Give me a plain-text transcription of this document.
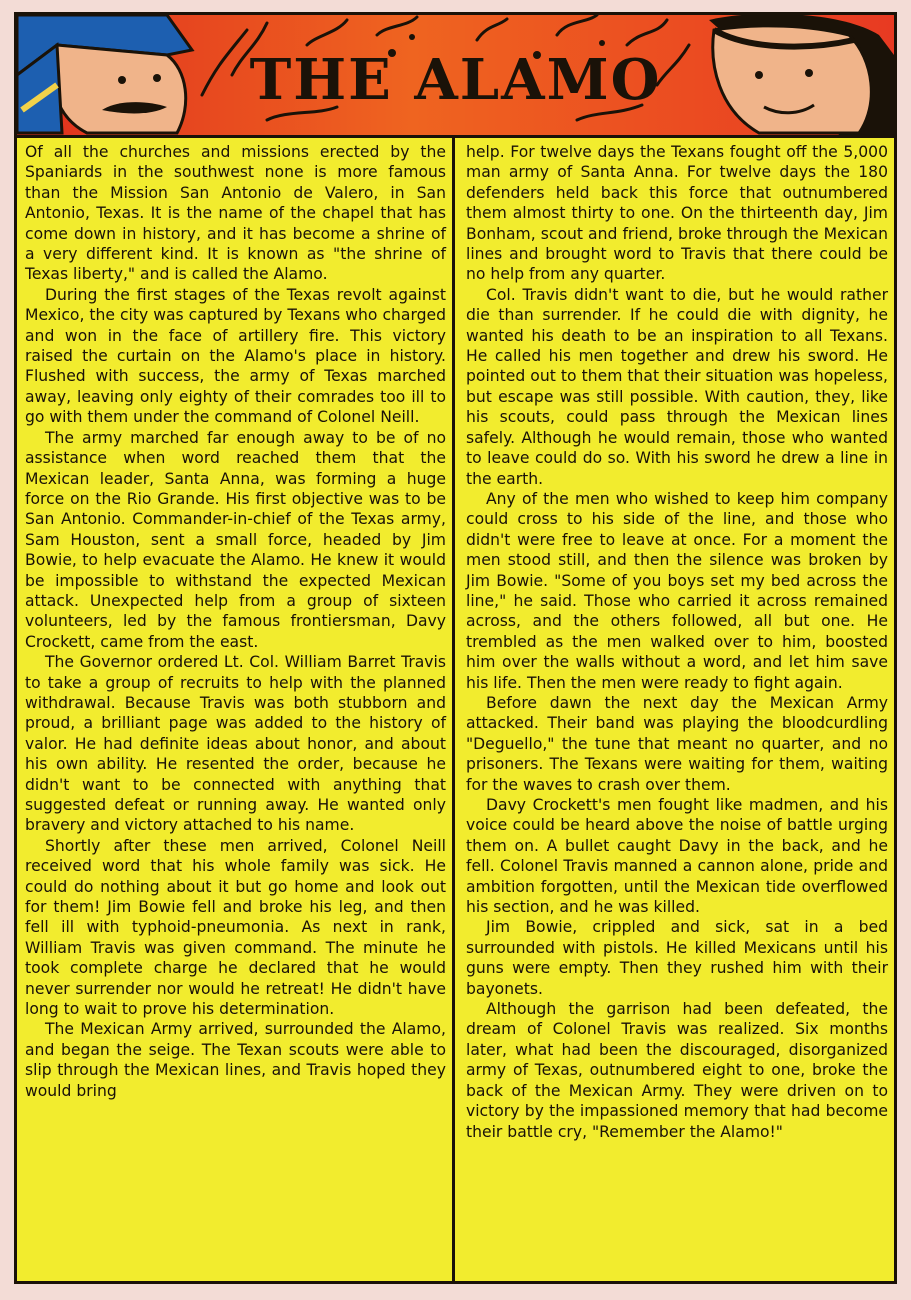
THE ALAMO

Of all the churches and missions erected by the Spaniards in the southwest none is more famous than the Mission San Antonio de Valero, in San Antonio, Texas. It is the name of the chapel that has come down in history, and it has become a shrine of a very different kind. It is known as "the shrine of Texas liberty," and is called the Alamo.

During the first stages of the Texas revolt against Mexico, the city was captured by Texans who charged and won in the face of artillery fire. This victory raised the curtain on the Alamo's place in history. Flushed with success, the army of Texas marched away, leaving only eighty of their comrades too ill to go with them under the command of Colonel Neill.

The army marched far enough away to be of no assistance when word reached them that the Mexican leader, Santa Anna, was forming a huge force on the Rio Grande. His first objective was to be San Antonio. Commander-in-chief of the Texas army, Sam Houston, sent a small force, headed by Jim Bowie, to help evacuate the Alamo. He knew it would be impossible to withstand the expected Mexican attack. Unexpected help from a group of sixteen volunteers, led by the famous frontiersman, Davy Crockett, came from the east.

The Governor ordered Lt. Col. William Barret Travis to take a group of recruits to help with the planned withdrawal. Because Travis was both stubborn and proud, a brilliant page was added to the history of valor. He had definite ideas about honor, and about his own ability. He resented the order, because he didn't want to be connected with anything that suggested defeat or running away. He wanted only bravery and victory attached to his name.

Shortly after these men arrived, Colonel Neill received word that his whole family was sick. He could do nothing about it but go home and look out for them! Jim Bowie fell and broke his leg, and then fell ill with typhoid-pneumonia. As next in rank, William Travis was given command. The minute he took complete charge he declared that he would never surrender nor would he retreat! He didn't have long to wait to prove his determination.

The Mexican Army arrived, surrounded the Alamo, and began the seige. The Texan scouts were able to slip through the Mexican lines, and Travis hoped they would bring

help. For twelve days the Texans fought off the 5,000 man army of Santa Anna. For twelve days the 180 defenders held back this force that outnumbered them almost thirty to one. On the thirteenth day, Jim Bonham, scout and friend, broke through the Mexican lines and brought word to Travis that there could be no help from any quarter.

Col. Travis didn't want to die, but he would rather die than surrender. If he could die with dignity, he wanted his death to be an inspiration to all Texans. He called his men together and drew his sword. He pointed out to them that their situation was hopeless, but escape was still possible. With caution, they, like his scouts, could pass through the Mexican lines safely. Although he would remain, those who wanted to leave could do so. With his sword he drew a line in the earth.

Any of the men who wished to keep him company could cross to his side of the line, and those who didn't were free to leave at once. For a moment the men stood still, and then the silence was broken by Jim Bowie. "Some of you boys set my bed across the line," he said. Those who carried it across remained across, and the others followed, all but one. He trembled as the men walked over to him, boosted him over the walls without a word, and let him save his life. Then the men were ready to fight again.

Before dawn the next day the Mexican Army attacked. Their band was playing the bloodcurdling "Deguello," the tune that meant no quarter, and no prisoners. The Texans were waiting for them, waiting for the waves to crash over them.

Davy Crockett's men fought like madmen, and his voice could be heard above the noise of battle urging them on. A bullet caught Davy in the back, and he fell. Colonel Travis manned a cannon alone, pride and ambition forgotten, until the Mexican tide overflowed his section, and he was killed.

Jim Bowie, crippled and sick, sat in a bed surrounded with pistols. He killed Mexicans until his guns were empty. Then they rushed him with their bayonets.

Although the garrison had been defeated, the dream of Colonel Travis was realized. Six months later, what had been the discouraged, disorganized army of Texas, outnumbered eight to one, broke the back of the Mexican Army. They were driven on to victory by the impassioned memory that had become their battle cry, "Remember the Alamo!"
